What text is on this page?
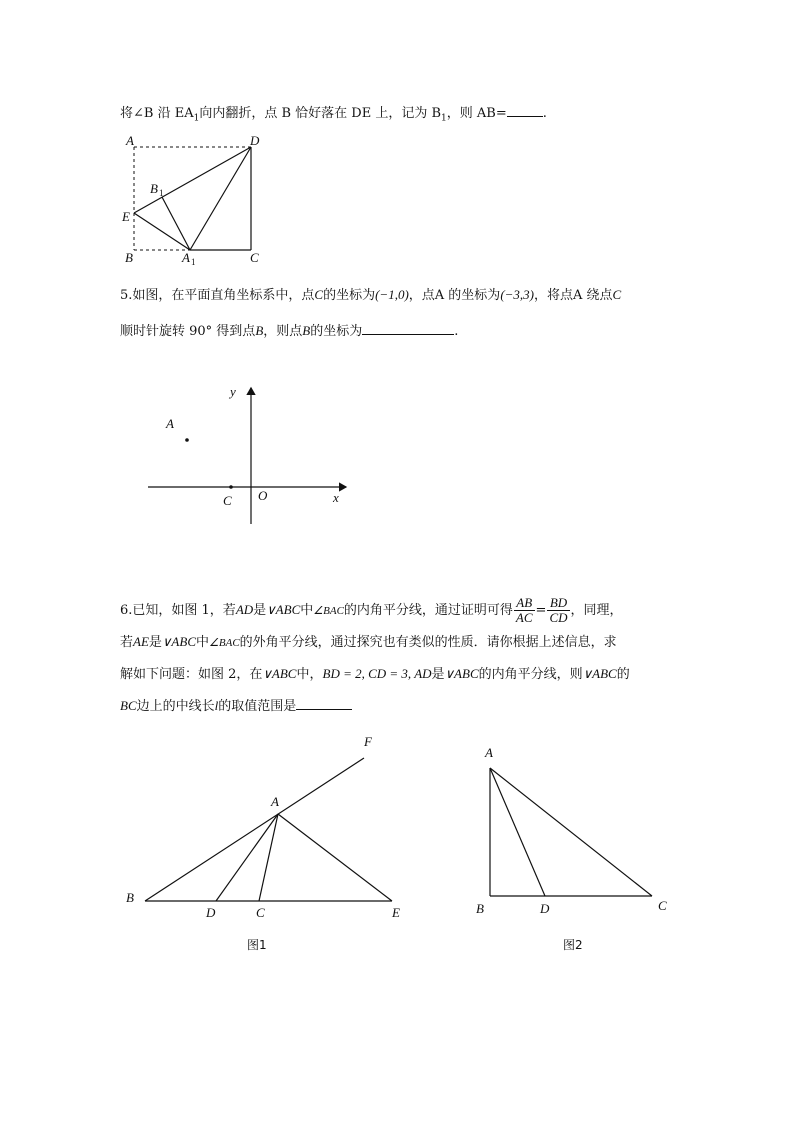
将∠B 沿 $EA_1$向内翻折，点 B 恰好落在 DE 上，记为 $B_1$，则 AB=	.
A	D
B 1
E
B	A 1	C
5.如图，在平面直角坐标系中，点C的坐标为(−1,0)，点A 的坐标为(−3,3)，将点A 绕点C
顺时针旋转 90° 得到点B，则点B的坐标为	.
y
A
C O	x
6.已知，如图 1，若AD是∨ABC中∠BAC的内角平分线，通过证明可得 $\frac{AB}{AC} = \frac{BD}{CD}$ ，同理，
若AE是∨ABC中∠BAC的外角平分线，通过探究也有类似的性质．请你根据上述信息，求
解如下问题：如图 2，在∨ABC中，BD = 2, CD = 3, AD是∨ABC的内角平分线，则∨ABC的
BC边上的中线长l的取值范围是
F
A
B
D	C	E
图1
A
B	D	C
图2
